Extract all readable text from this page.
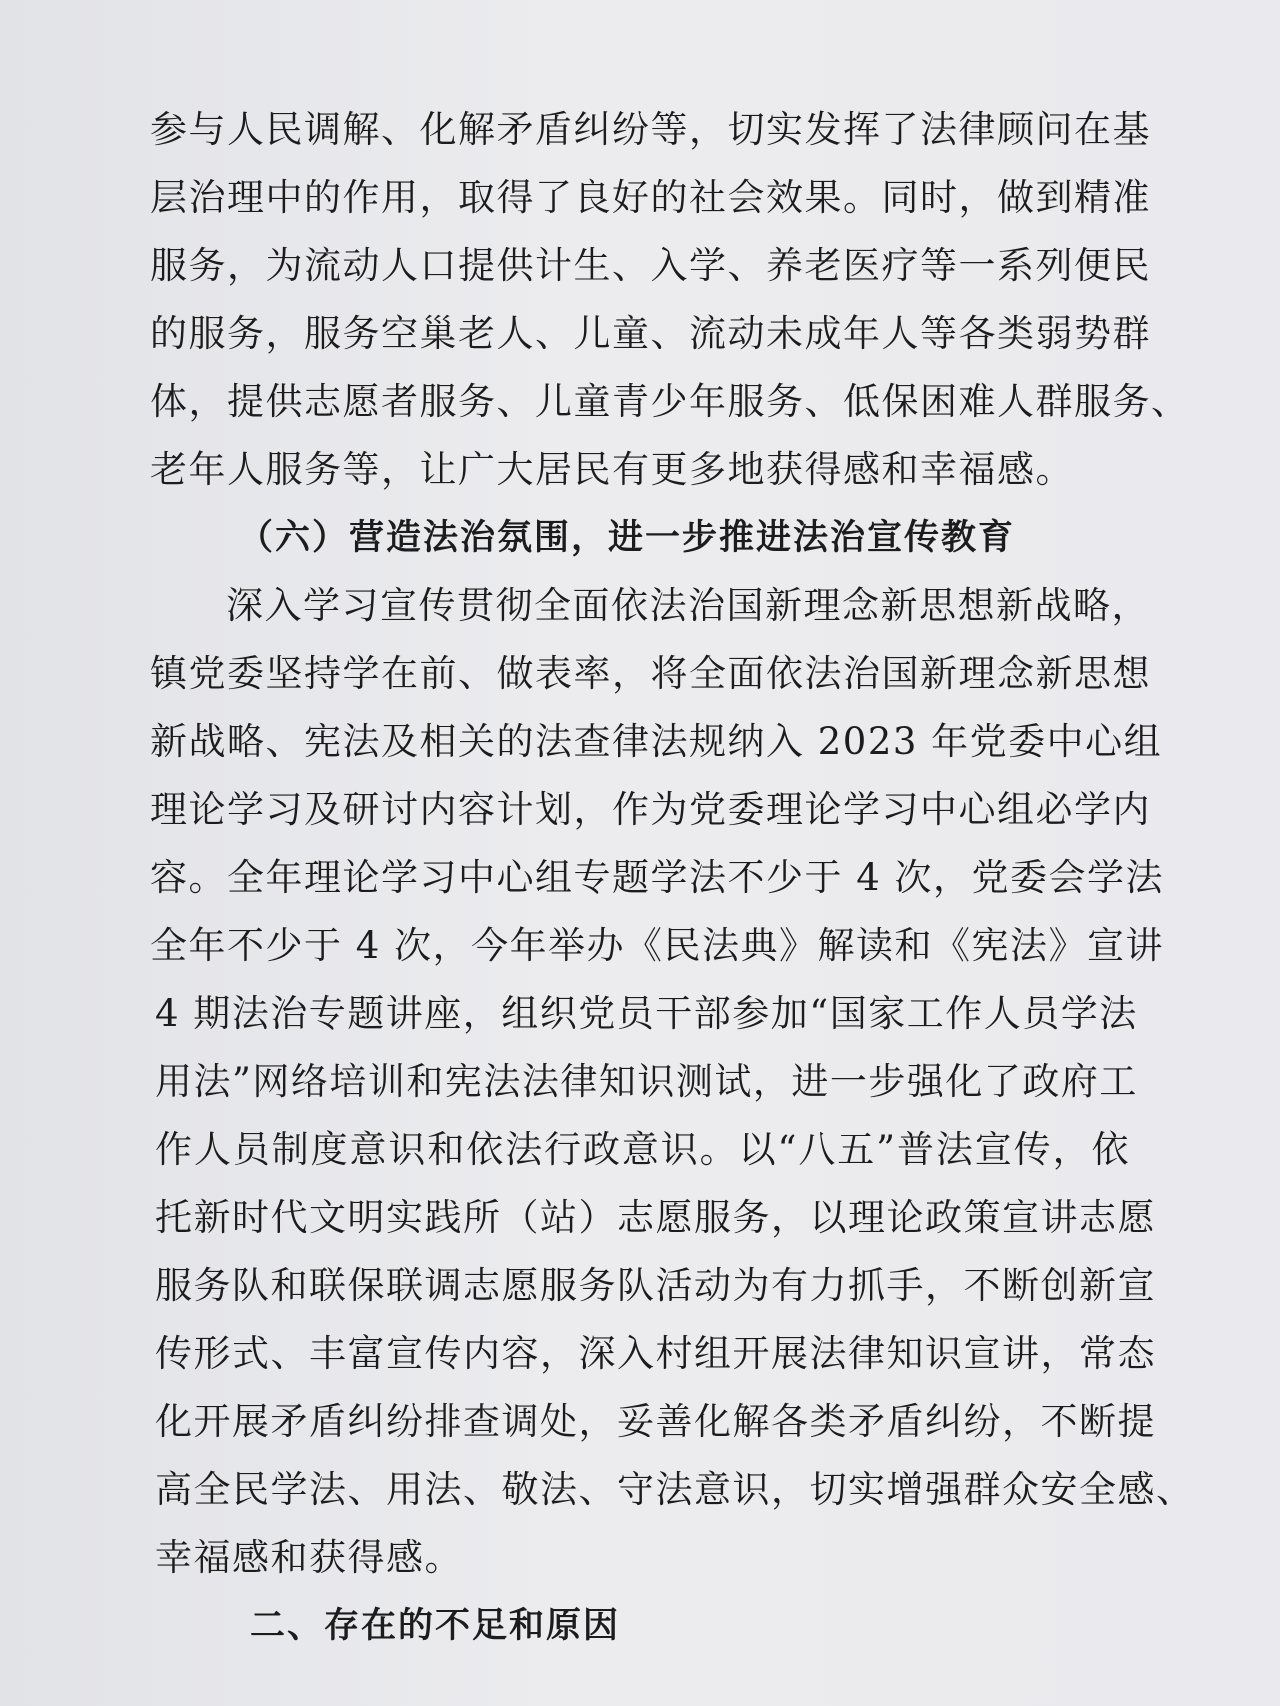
参与人民调解、化解矛盾纠纷等，切实发挥了法律顾问在基
层治理中的作用，取得了良好的社会效果。同时，做到精准
服务，为流动人口提供计生、入学、养老医疗等一系列便民
的服务，服务空巢老人、儿童、流动未成年人等各类弱势群
体，提供志愿者服务、儿童青少年服务、低保困难人群服务、
老年人服务等，让广大居民有更多地获得感和幸福感。
（六）营造法治氛围，进一步推进法治宣传教育
深入学习宣传贯彻全面依法治国新理念新思想新战略，
镇党委坚持学在前、做表率，将全面依法治国新理念新思想
新战略、宪法及相关的法查律法规纳入 2023 年党委中心组
理论学习及研讨内容计划，作为党委理论学习中心组必学内
容。全年理论学习中心组专题学法不少于 4 次，党委会学法
全年不少于 4 次，今年举办《民法典》解读和《宪法》宣讲
4 期法治专题讲座，组织党员干部参加“国家工作人员学法
用法”网络培训和宪法法律知识测试，进一步强化了政府工
作人员制度意识和依法行政意识。以“八五”普法宣传，依
托新时代文明实践所（站）志愿服务，以理论政策宣讲志愿
服务队和联保联调志愿服务队活动为有力抓手，不断创新宣
传形式、丰富宣传内容，深入村组开展法律知识宣讲，常态
化开展矛盾纠纷排查调处，妥善化解各类矛盾纠纷，不断提
高全民学法、用法、敬法、守法意识，切实增强群众安全感、
幸福感和获得感。
二、存在的不足和原因
